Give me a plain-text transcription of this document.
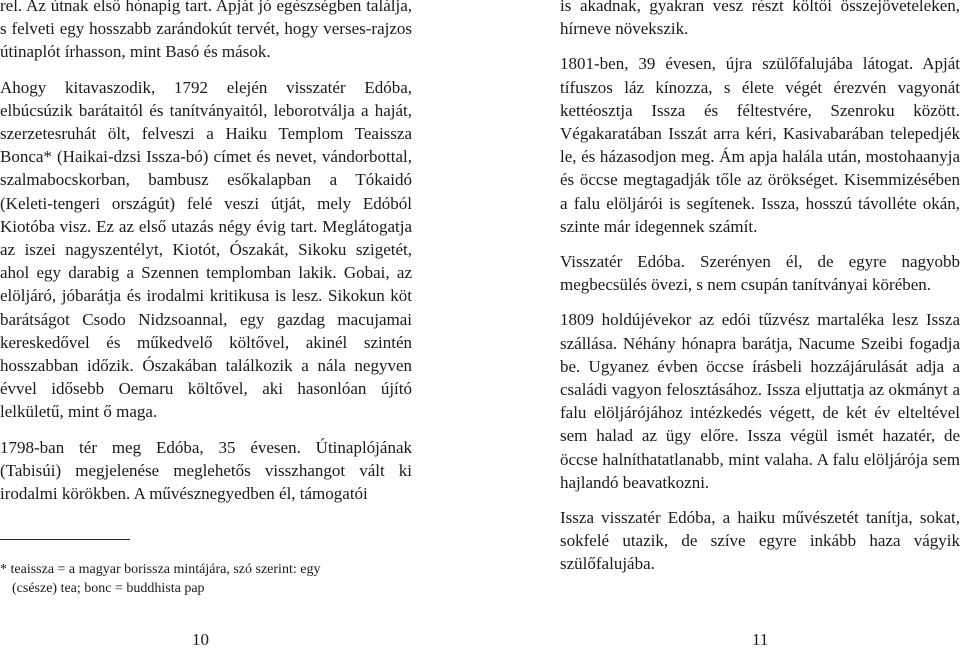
rel. Az útnak első hónapig tart. Apját jó egészségben találja, s felveti egy hosszabb zarándokút tervét, hogy verses-rajzos útinaplót írhasson, mint Basó és mások.

Ahogy kitavaszodik, 1792 elején visszatér Edóba, elbúcsúzik barátaitól és tanítványaitól, leborotválja a haját, szerzetesruhát ölt, felveszi a Haiku Templom Teaissza Bonca* (Haikai-dzsi Issza-bó) címet és nevet, vándorbottal, szalmabocskorban, bambusz esőkalapban a Tókaidó (Keleti-tengeri országút) felé veszi útját, mely Edóból Kiotóba visz. Ez az első utazás négy évig tart. Meglátogatja az iszei nagyszentélyt, Kiotót, Ószakát, Sikoku szigetét, ahol egy darabig a Szennen templomban lakik. Gobai, az elöljáró, jóbarátja és irodalmi kritikusa is lesz. Sikokun köt barátságot Csodo Nidzsoannal, egy gazdag macujamai kereskedővel és műkedvelő költővel, akinél szintén hosszabban időzik. Ószakában találkozik a nála negyven évvel idősebb Oemaru költővel, aki hasonlóan újító lelkületű, mint ő maga.

1798-ban tér meg Edóba, 35 évesen. Útinaplójának (Tabisúi) megjelenése meglehetős visszhangot vált ki irodalmi körökben. A művésznegyedben él, támogatói

* teaissza = a magyar borissza mintájára, szó szerint: egy
(csésze) tea; bonc = buddhista pap

is akadnak, gyakran vesz részt költői összejöveteleken, hírneve növekszik.

1801-ben, 39 évesen, újra szülőfalujába látogat. Apját tífuszos láz kínozza, s élete végét érezvén vagyonát kettéosztja Issza és féltestvére, Szenroku között. Végakaratában Isszát arra kéri, Kasivabarában telepedjék le, és házasodjon meg. Ám apja halála után, mostohaanyja és öccse megtagadják tőle az örökséget. Kisemmizésében a falu elöljárói is segítenek. Issza, hosszú távolléte okán, szinte már idegennek számít.

Visszatér Edóba. Szerényen él, de egyre nagyobb megbecsülés övezi, s nem csupán tanítványai körében.

1809 holdújévekor az edói tűzvész martaléka lesz Issza szállása. Néhány hónapra barátja, Nacume Szeibi fogadja be. Ugyanez évben öccse írásbeli hozzájárulását adja a családi vagyon felosztásához. Issza eljuttatja az okmányt a falu elöljárójához intézkedés végett, de két év elteltével sem halad az ügy előre. Issza végül ismét hazatér, de öccse halníthatatlanabb, mint valaha. A falu elöljárója sem hajlandó beavatkozni.

Issza visszatér Edóba, a haiku művészetét tanítja, sokat, sokfelé utazik, de szíve egyre inkább haza vágyik szülőfalujába.

10	11
